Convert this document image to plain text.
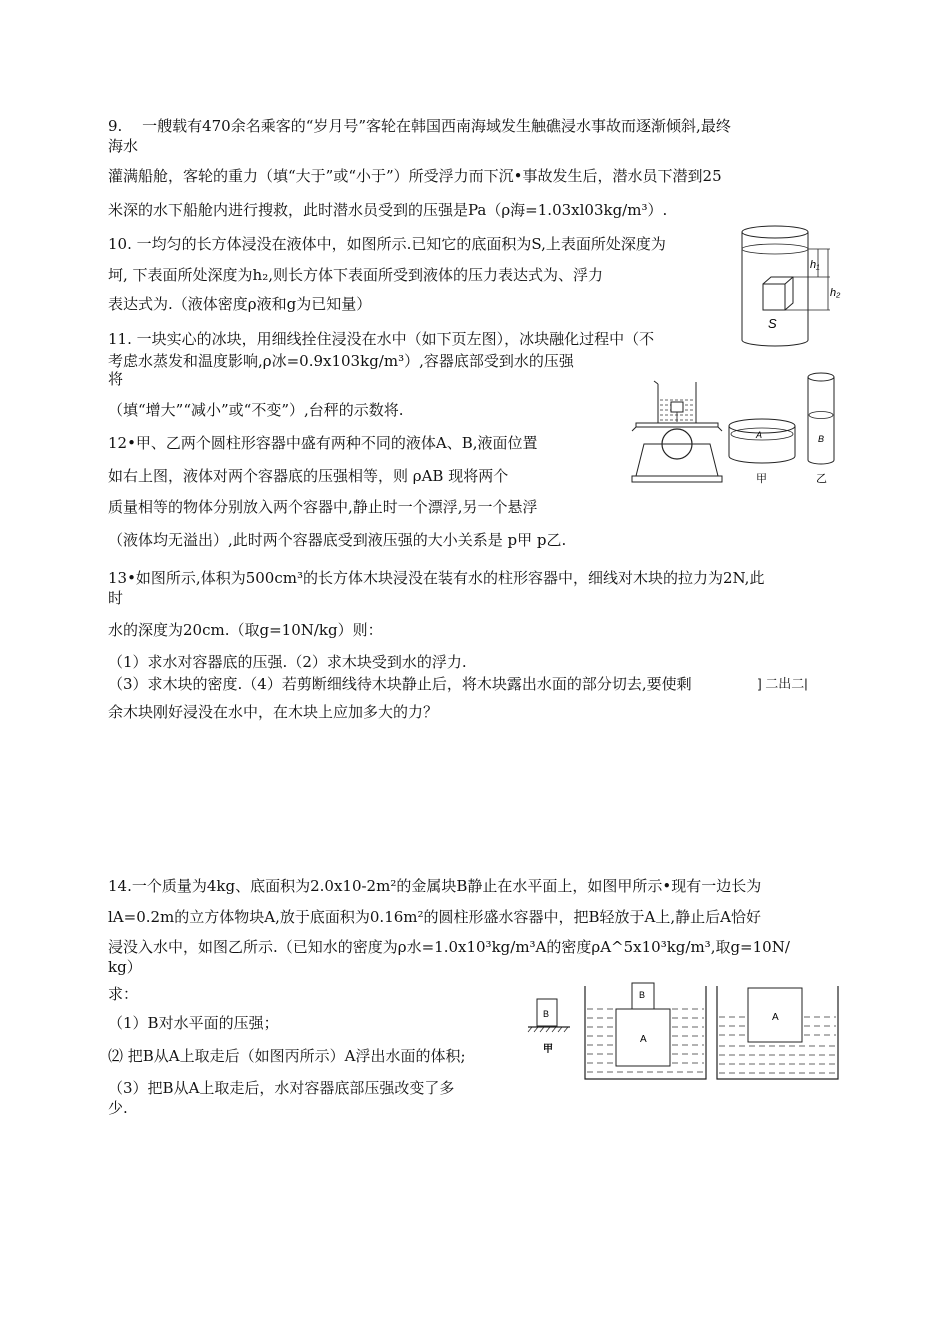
9.　 一艘载有470余名乘客的“岁月号”客轮在韩国西南海域发生触礁浸水事故而逐渐倾斜,最终
海水
灌满船舱，客轮的重力（填“大于”或“小于”）所受浮力而下沉•事故发生后，潜水员下潜到25
米深的水下船舱内进行搜救，此时潜水员受到的压强是Pa（ρ海=1.03xl03kg/m³）.
10. 一均匀的长方体浸没在液体中，如图所示.已知它的底面积为S,上表面所处深度为
坷, 下表面所处深度为h₂,则长方体下表面所受到液体的压力表达式为、浮力
表达式为.（液体密度ρ液和g为已知量）
h₁
h₂
S
11. 一块实心的冰块，用细线拴住浸没在水中（如下页左图），冰块融化过程中（不
考虑水蒸发和温度影响,ρ冰=0.9x103kg/m³）,容器底部受到水的压强
将
（填“增大”“减小”或“不变”）,台秤的示数将.
A
甲
B
乙
12•甲、乙两个圆柱形容器中盛有两种不同的液体A、B,液面位置
如右上图，液体对两个容器底的压强相等，则 ρAB 现将两个
质量相等的物体分别放入两个容器中,静止时一个漂浮,另一个悬浮
（液体均无溢出）,此时两个容器底受到液压强的大小关系是 p甲 p乙.
13•如图所示,体积为500cm³的长方体木块浸没在装有水的柱形容器中，细线对木块的拉力为2N,此
时
水的深度为20cm.（取g=10N/kg）则：
（1）求水对容器底的压强.（2）求木块受到水的浮力.
（3）求木块的密度.（4）若剪断细线待木块静止后，将木块露出水面的部分切去,要使剩	] 二出二|
余木块刚好浸没在水中，在木块上应加多大的力？
14.一个质量为4kg、底面积为2.0x10-2m²的金属块B静止在水平面上，如图甲所示•现有一边长为
lA=0.2m的立方体物块A,放于底面积为0.16m²的圆柱形盛水容器中，把B轻放于A上,静止后A恰好
浸没入水中，如图乙所示.（已知水的密度为ρ水=1.0x10³kg/m³A的密度ρA^5x10³kg/m³,取g=10N/
kg）
求：
（1）B对水平面的压强；
⑵ 把B从A上取走后（如图丙所示）A浮出水面的体积;
（3）把B从A上取走后，水对容器底部压强改变了多
少.
B
甲
A
B
A
